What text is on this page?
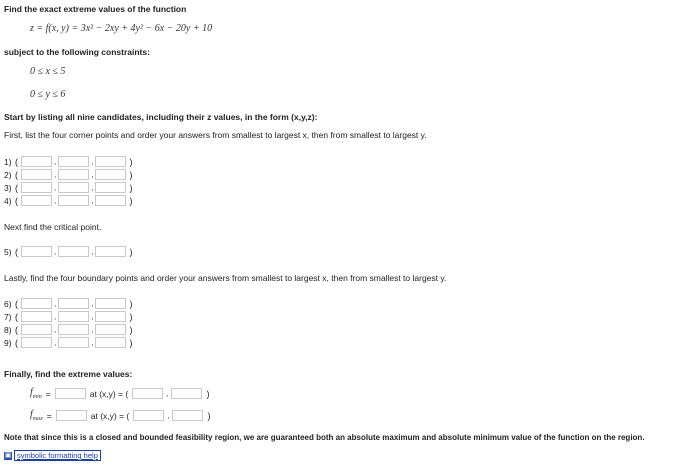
Find the exact extreme values of the function
z = f(x, y) = 3x² − 2xy + 4y² − 6x − 20y + 10
subject to the following constraints:
0 ≤ x ≤ 5
0 ≤ y ≤ 6
Start by listing all nine candidates, including their z values, in the form (x,y,z):
First, list the four corner points and order your answers from smallest to largest x, then from smallest to largest y.
1) (	,	,	)
2) (	,	,	)
3) (	,	,	)
4) (	,	,	)
Next find the critical point.
5) (	,	,	)
Lastly, find the four boundary points and order your answers from smallest to largest x, then from smallest to largest y.
6) (	,	,	)
7) (	,	,	)
8) (	,	,	)
9) (	,	,	)
Finally, find the extreme values:
$f_{min}$ =	at (x,y) = (	,	)
$f_{max}$ =	at (x,y) = (	,	)
Note that since this is a closed and bounded feasibility region, we are guaranteed both an absolute maximum and absolute minimum value of the function on the region.
▣ symbolic formatting help
